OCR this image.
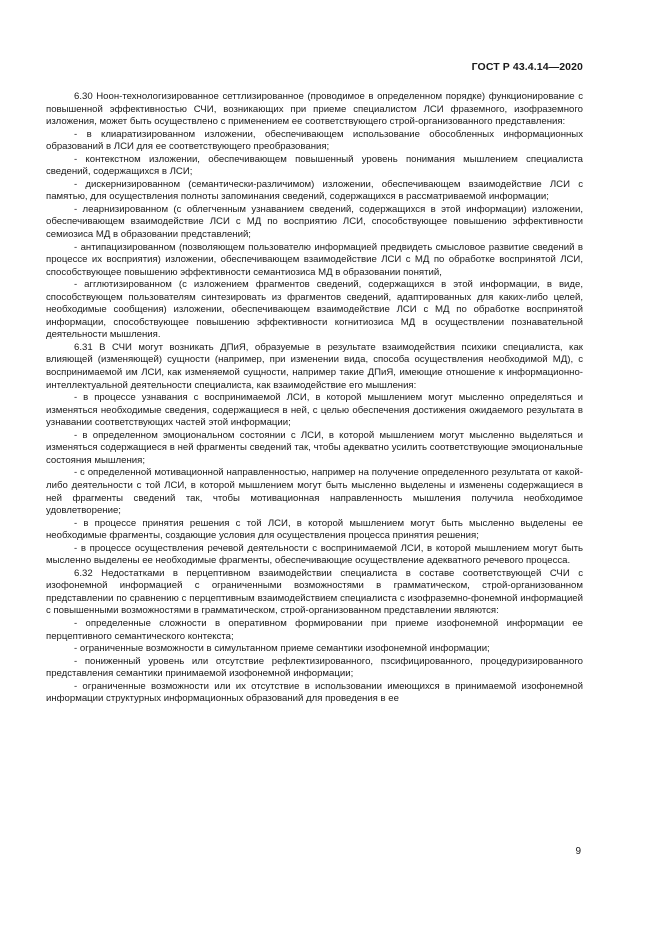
ГОСТ Р 43.4.14—2020

6.30 Ноон-технологизированное сеттлизированное (проводимое в определенном порядке) функционирование с повышенной эффективностью СЧИ, возникающих при приеме специалистом ЛСИ фраземного, изофраземного изложения, может быть осуществлено с применением ее соответствующего строй-организованного представления:

- в клиаратизированном изложении, обеспечивающем использование обособленных информационных образований в ЛСИ для ее соответствующего преобразования;

- контекстном изложении, обеспечивающем повышенный уровень понимания мышлением специалиста сведений, содержащихся в ЛСИ;

- дискернизированном (семантически-различимом) изложении, обеспечивающем взаимодействие ЛСИ с памятью, для осуществления полноты запоминания сведений, содержащихся в рассматриваемой информации;

- леарнизированном (с облегченным узнаванием сведений, содержащихся в этой информации) изложении, обеспечивающем взаимодействие ЛСИ с МД по восприятию ЛСИ, способствующее повышению эффективности семиозиса МД в образовании представлений;

- антипацизированном (позволяющем пользователю информацией предвидеть смысловое развитие сведений в процессе их восприятия) изложении, обеспечивающем взаимодействие ЛСИ с МД по обработке воспринятой ЛСИ, способствующее повышению эффективности семантиозиса МД в образовании понятий,

- агглютизированном (с изложением фрагментов сведений, содержащихся в этой информации, в виде, способствующем пользователям синтезировать из фрагментов сведений, адаптированных для каких-либо целей, необходимые сообщения) изложении, обеспечивающем взаимодействие ЛСИ с МД по обработке воспринятой информации, способствующее повышению эффективности когнитиозиса МД в осуществлении познавательной деятельности мышления.

6.31 В СЧИ могут возникать ДПиЯ, образуемые в результате взаимодействия психики специалиста, как влияющей (изменяющей) сущности (например, при изменении вида, способа осуществления необходимой МД), с воспринимаемой им ЛСИ, как изменяемой сущности, например такие ДПиЯ, имеющие отношение к информационно-интеллектуальной деятельности специалиста, как взаимодействие его мышления:

- в процессе узнавания с воспринимаемой ЛСИ, в которой мышлением могут мысленно определяться и изменяться необходимые сведения, содержащиеся в ней, с целью обеспечения достижения ожидаемого результата в узнавании соответствующих частей этой информации;

- в определенном эмоциональном состоянии с ЛСИ, в которой мышлением могут мысленно выделяться и изменяться содержащиеся в ней фрагменты сведений так, чтобы адекватно усилить соответствующие эмоциональные состояния мышления;

- с определенной мотивационной направленностью, например на получение определенного результата от какой-либо деятельности с той ЛСИ, в которой мышлением могут быть мысленно выделены и изменены содержащиеся в ней фрагменты сведений так, чтобы мотивационная направленность мышления получила необходимое удовлетворение;

- в процессе принятия решения с той ЛСИ, в которой мышлением могут быть мысленно выделены ее необходимые фрагменты, создающие условия для осуществления процесса принятия решения;

- в процессе осуществления речевой деятельности с воспринимаемой ЛСИ, в которой мышлением могут быть мысленно выделены ее необходимые фрагменты, обеспечивающие осуществление адекватного речевого процесса.

6.32 Недостатками в перцептивном взаимодействии специалиста в составе соответствующей СЧИ с изофонемной информацией с ограниченными возможностями в грамматическом, строй-организованном представлении по сравнению с перцептивным взаимодействием специалиста с изофраземно-фонемной информацией с повышенными возможностями в грамматическом, строй-организованном представлении являются:

- определенные сложности в оперативном формировании при приеме изофонемной информации ее перцептивного семантического контекста;

- ограниченные возможности в симультанном приеме семантики изофонемной информации;

- пониженный уровень или отсутствие рефлектизированного, пзсифицированного, процедуризированного представления семантики принимаемой изофонемной информации;

- ограниченные возможности или их отсутствие в использовании имеющихся в принимаемой изофонемной информации структурных информационных образований для проведения в ее

9
